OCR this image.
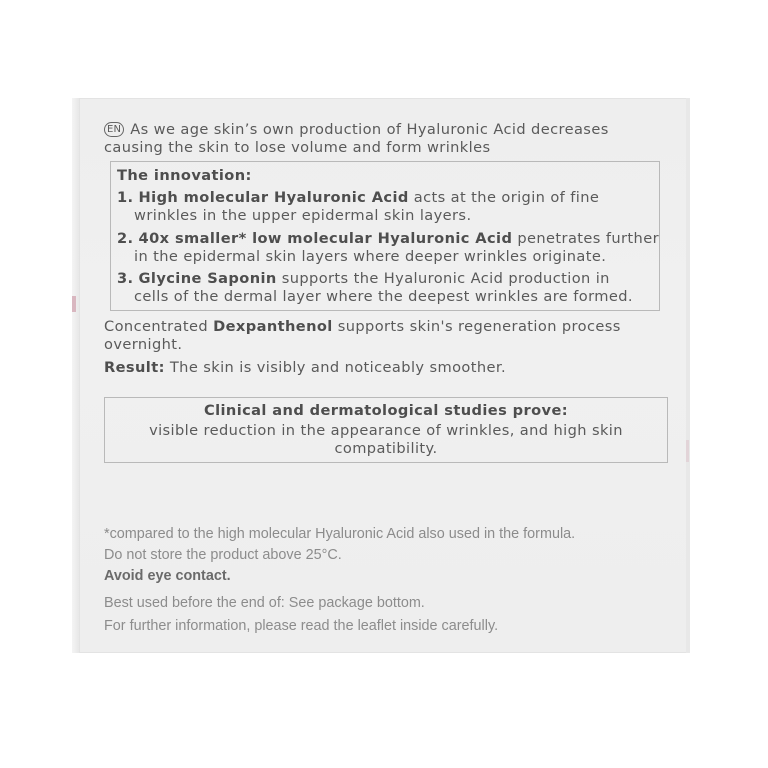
EN As we age skin’s own production of Hyaluronic Acid decreases

causing the skin to lose volume and form wrinkles

The innovation:

1. High molecular Hyaluronic Acid acts at the origin of fine

wrinkles in the upper epidermal skin layers.

2. 40x smaller* low molecular Hyaluronic Acid penetrates further

in the epidermal skin layers where deeper wrinkles originate.

3. Glycine Saponin supports the Hyaluronic Acid production in

cells of the dermal layer where the deepest wrinkles are formed.

Concentrated Dexpanthenol supports skin's regeneration process

overnight.

Result: The skin is visibly and noticeably smoother.

Clinical and dermatological studies prove:

visible reduction in the appearance of wrinkles, and high skin

compatibility.

*compared to the high molecular Hyaluronic Acid also used in the formula.

Do not store the product above 25°C.

Avoid eye contact.

Best used before the end of: See package bottom.

For further information, please read the leaflet inside carefully.
